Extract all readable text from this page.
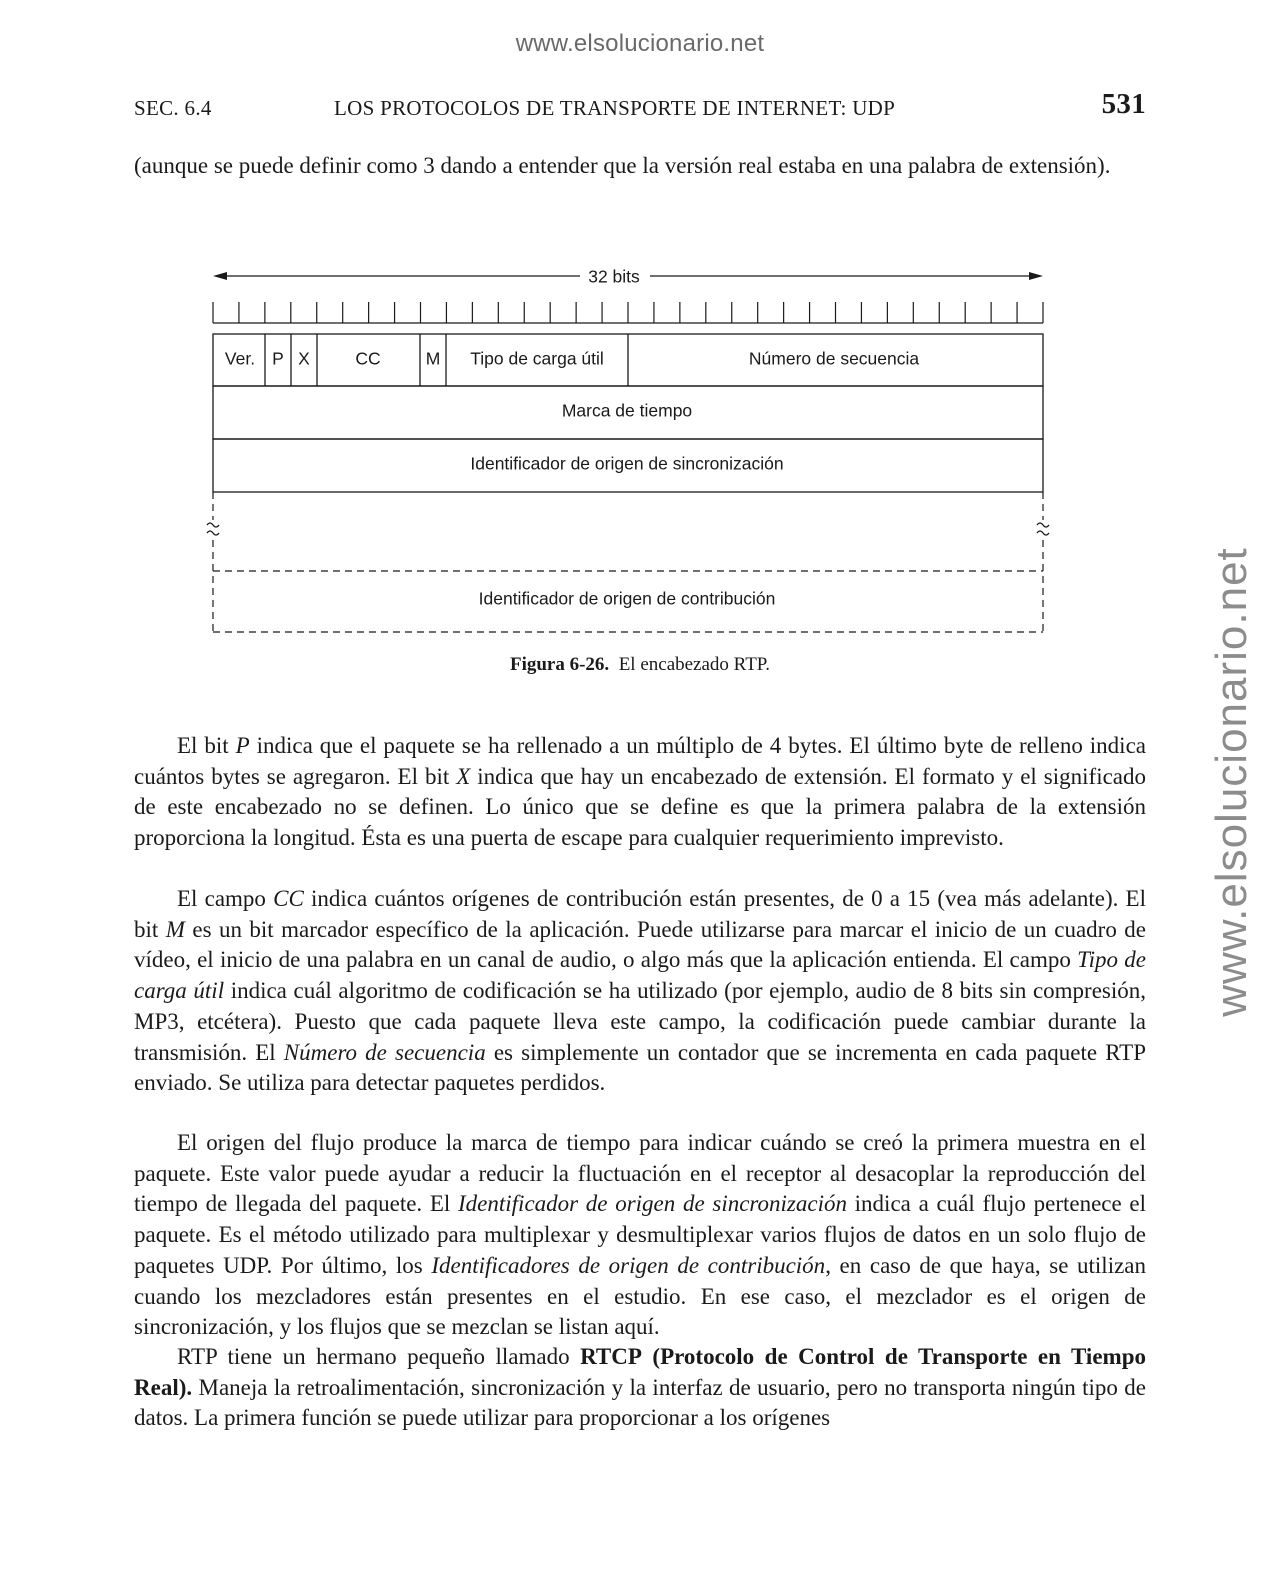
www.elsolucionario.net
www.elsolucionario.net
SEC. 6.4	LOS PROTOCOLOS DE TRANSPORTE DE INTERNET: UDP	531

(aunque se puede definir como 3 dando a entender que la versión real estaba en una palabra de extensión).

32 bits
Ver. P X	CC	M Tipo de carga útil	Número de secuencia
Marca de tiempo
Identificador de origen de sincronización
Identificador de origen de contribución
Figura 6-26. El encabezado RTP.

El bit P indica que el paquete se ha rellenado a un múltiplo de 4 bytes. El último byte de relleno indica cuántos bytes se agregaron. El bit X indica que hay un encabezado de extensión. El formato y el significado de este encabezado no se definen. Lo único que se define es que la primera palabra de la extensión proporciona la longitud. Ésta es una puerta de escape para cualquier requerimiento imprevisto.

El campo CC indica cuántos orígenes de contribución están presentes, de 0 a 15 (vea más adelante). El bit M es un bit marcador específico de la aplicación. Puede utilizarse para marcar el inicio de un cuadro de vídeo, el inicio de una palabra en un canal de audio, o algo más que la aplicación entienda. El campo Tipo de carga útil indica cuál algoritmo de codificación se ha utilizado (por ejemplo, audio de 8 bits sin compresión, MP3, etcétera). Puesto que cada paquete lleva este campo, la codificación puede cambiar durante la transmisión. El Número de secuencia es simplemente un contador que se incrementa en cada paquete RTP enviado. Se utiliza para detectar paquetes perdidos.

El origen del flujo produce la marca de tiempo para indicar cuándo se creó la primera muestra en el paquete. Este valor puede ayudar a reducir la fluctuación en el receptor al desacoplar la reproducción del tiempo de llegada del paquete. El Identificador de origen de sincronización indica a cuál flujo pertenece el paquete. Es el método utilizado para multiplexar y desmultiplexar varios flujos de datos en un solo flujo de paquetes UDP. Por último, los Identificadores de origen de contribución, en caso de que haya, se utilizan cuando los mezcladores están presentes en el estudio. En ese caso, el mezclador es el origen de sincronización, y los flujos que se mezclan se listan aquí.

RTP tiene un hermano pequeño llamado RTCP (Protocolo de Control de Transporte en Tiempo Real). Maneja la retroalimentación, sincronización y la interfaz de usuario, pero no transporta ningún tipo de datos. La primera función se puede utilizar para proporcionar a los orígenes
